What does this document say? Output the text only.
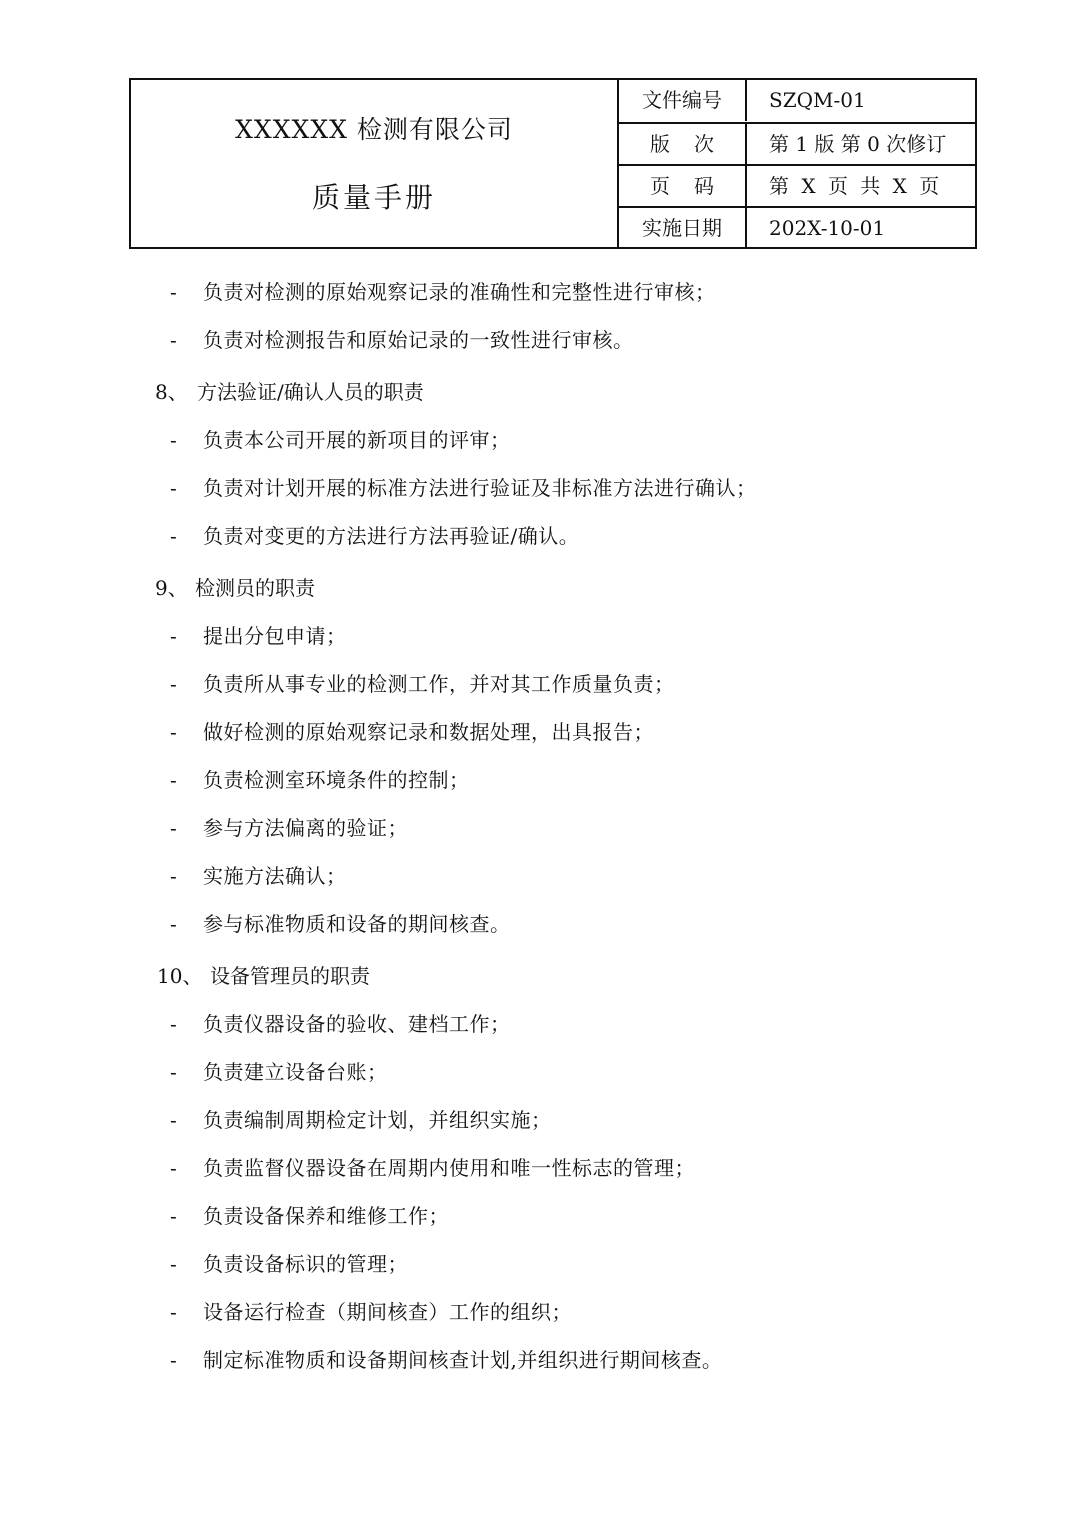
XXXXXX 检测有限公司
质量手册
文件编号	SZQM-01
版次	第 1 版 第 0 次修订
页码	第 X 页 共 X 页
实施日期	202X-10-01
- 负责对检测的原始观察记录的准确性和完整性进行审核；
- 负责对检测报告和原始记录的一致性进行审核。
8、 方法验证/确认人员的职责
- 负责本公司开展的新项目的评审；
- 负责对计划开展的标准方法进行验证及非标准方法进行确认；
- 负责对变更的方法进行方法再验证/确认。
9、 检测员的职责
- 提出分包申请；
- 负责所从事专业的检测工作，并对其工作质量负责；
- 做好检测的原始观察记录和数据处理，出具报告；
- 负责检测室环境条件的控制；
- 参与方法偏离的验证；
- 实施方法确认；
- 参与标准物质和设备的期间核查。
10、 设备管理员的职责
- 负责仪器设备的验收、建档工作；
- 负责建立设备台账；
- 负责编制周期检定计划，并组织实施；
- 负责监督仪器设备在周期内使用和唯一性标志的管理；
- 负责设备保养和维修工作；
- 负责设备标识的管理；
- 设备运行检查（期间核查）工作的组织；
- 制定标准物质和设备期间核查计划,并组织进行期间核查。
